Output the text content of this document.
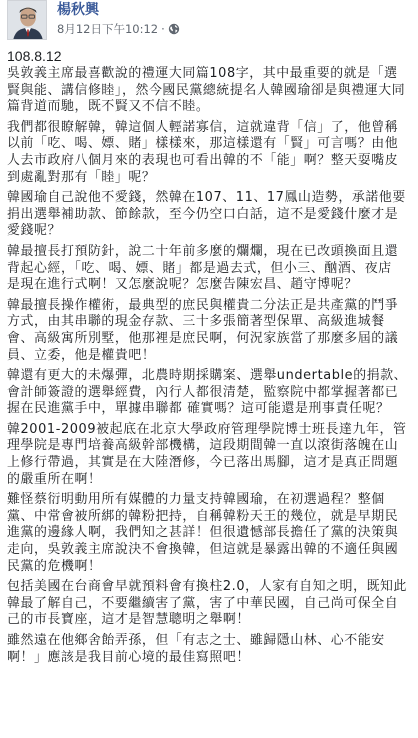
楊秋興
8月12日下午10:12 ·
108.8.12

吳敦義主席最喜歡說的禮運大同篇108字，其中最重要的就是「選賢與能、講信修睦」，然今國民黨總統提名人韓國瑜卻是與禮運大同篇背道而馳，既不賢又不信不睦。

我們都很瞭解韓，韓這個人輕諾寡信，這就違背「信」了，他曾稱以前「吃、喝、嫖、賭」樣樣來，那這樣還有「賢」可言嗎？由他人去市政府八個月來的表現也可看出韓的不「能」啊？整天耍嘴皮到處亂對那有「睦」呢？

韓國瑜自己說他不愛錢，然韓在107、11、17鳳山造勢，承諾他要捐出選舉補助款、節餘款，至今仍空口白話，這不是愛錢什麼才是愛錢呢？

韓最擅長打預防針，說二十年前多麼的爛爛，現在已改頭換面且還背起心經，「吃、喝、嫖、賭」都是過去式，但小三、酗酒、夜店 是現在進行式啊！又怎麼說呢？怎麼告陳宏昌、趙守博呢？

韓最擅長操作權術，最典型的庶民與權貴二分法正是共產黨的鬥爭方式，由其串聯的現金存款、三十多張簡著型保單、高級進城餐會、高級寓所別墅，他那裡是庶民啊，何況家族當了那麼多屆的議員、立委，他是權貴吧！

韓還有更大的未爆彈，北農時期採購案、選舉undertable的捐款、會計師簽證的選舉經費，內行人都很清楚，監察院中都掌握著都已握在民進黨手中，單據串聯都 確實嗎？這可能還是刑事責任呢？

韓2001-2009被起底在北京大學政府管理學院博士班長達九年，管理學院是專門培養高級幹部機構，這段期間韓一直以滾街落魄在山上修行帶過，其實是在大陸潛修，今已落出馬腳，這才是真正問題的嚴重所在啊！

難怪蔡衍明動用所有媒體的力量支持韓國瑜，在初選過程？整個黨、中常會被所綁的韓粉把持，自稱韓粉天王的幾位，就是早期民進黨的邊緣人啊，我們知之甚詳！但很遺憾部長擔任了黨的決策與走向，吳敦義主席說決不會換韓，但這就是暴露出韓的不適任與國民黨的危機啊！

包括美國在台商會早就預料會有換柱2.0，人家有自知之明，既知此韓最了解自己，不要繼續害了黨，害了中華民國，自己尚可保全自己的市長寶座，這才是智慧聰明之舉啊！

雖然遠在他鄉舍飴弄孫，但「有志之士、雖歸隱山林、心不能安啊！」應該是我目前心境的最佳寫照吧！
